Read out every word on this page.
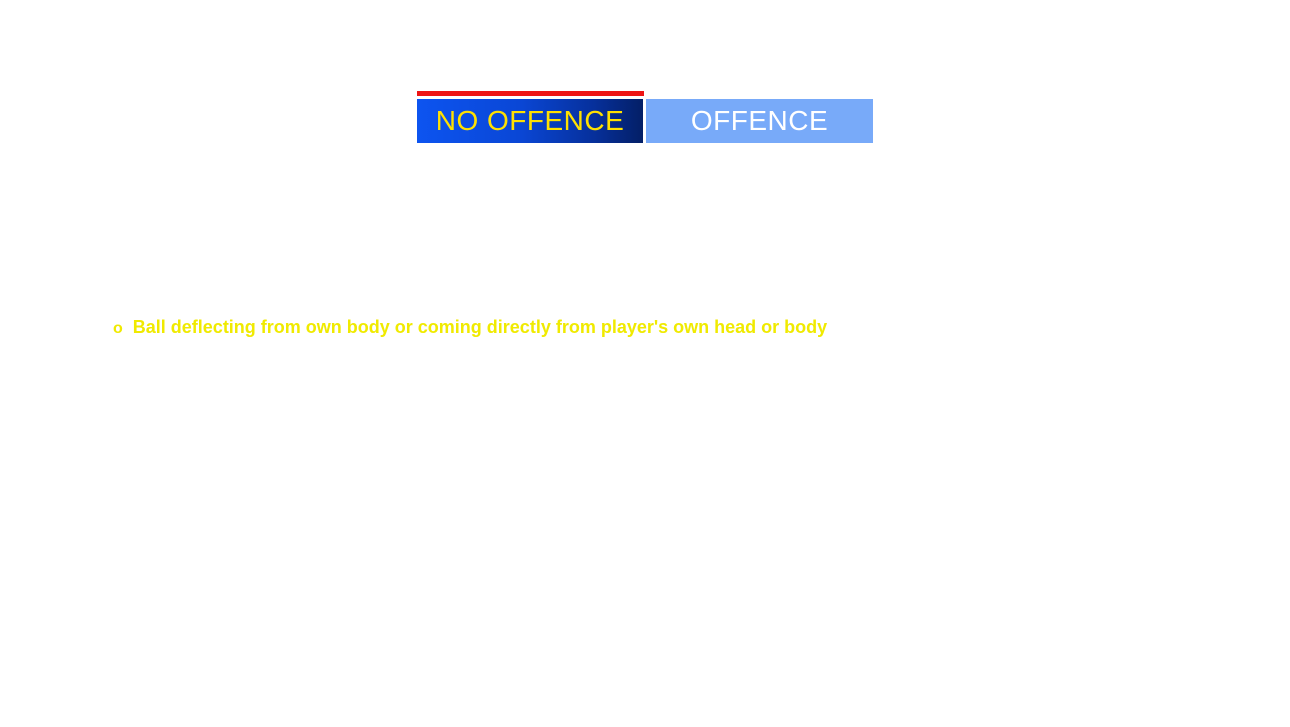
NO OFFENCE OFFENCE
o Ball deflecting from own body or coming directly from player's own head or body
